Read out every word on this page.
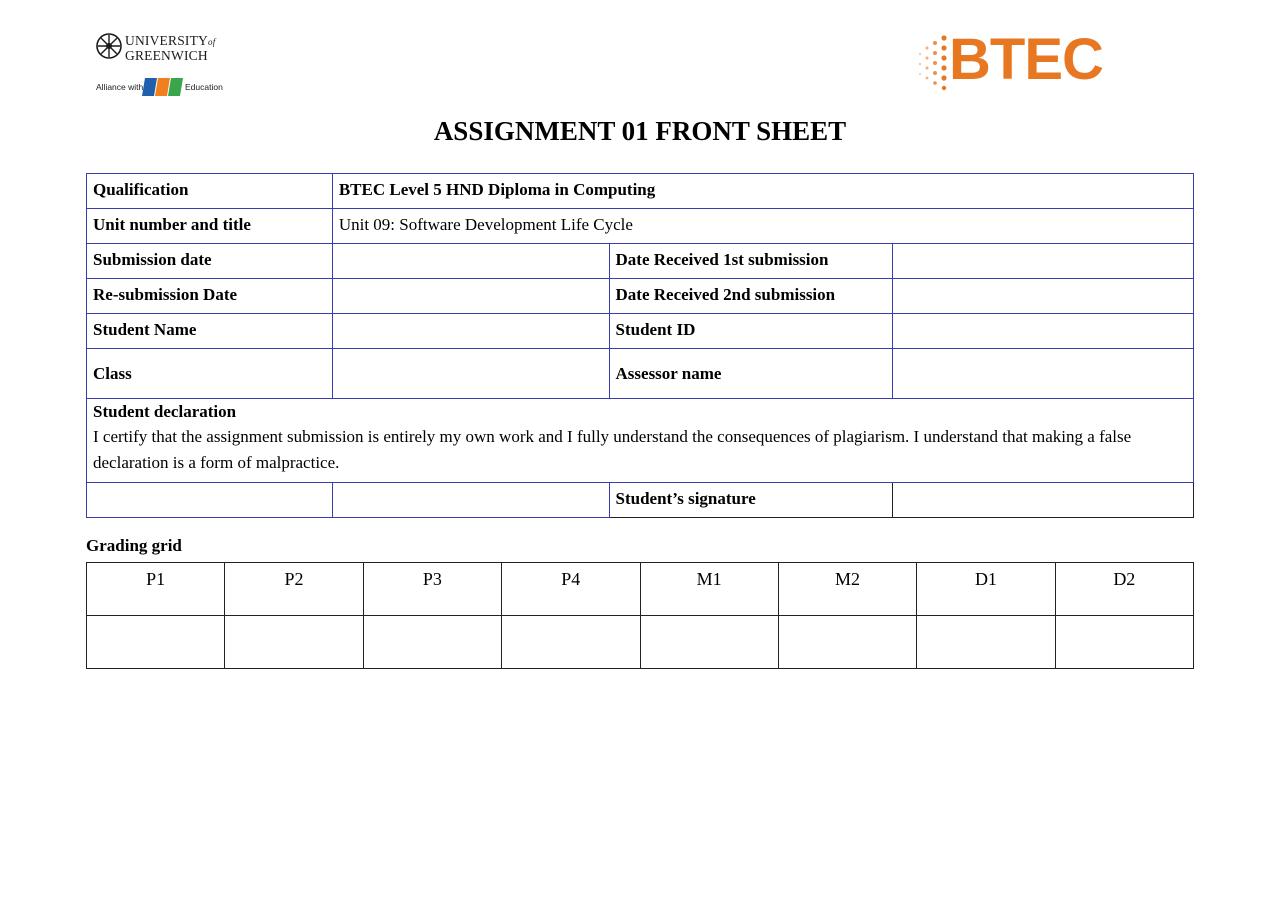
UNIVERSITYof
GREENWICH
Alliance with	Education	BTEC
ASSIGNMENT 01 FRONT SHEET
Qualification	BTEC Level 5 HND Diploma in Computing		
Unit number and title	Unit 09: Software Development Life Cycle		
Submission date		Date Received 1st submission	
Re-submission Date		Date Received 2nd submission	
Student Name		Student ID	
Class		Assessor name	

Student declaration
I certify that the assignment submission is entirely my own work and I fully understand the consequences of plagiarism. I understand that making a false declaration is a form of malpractice.			

		Student’s signature	
Grading grid
P1	P2	P3	P4	M1	M2	D1	D2
